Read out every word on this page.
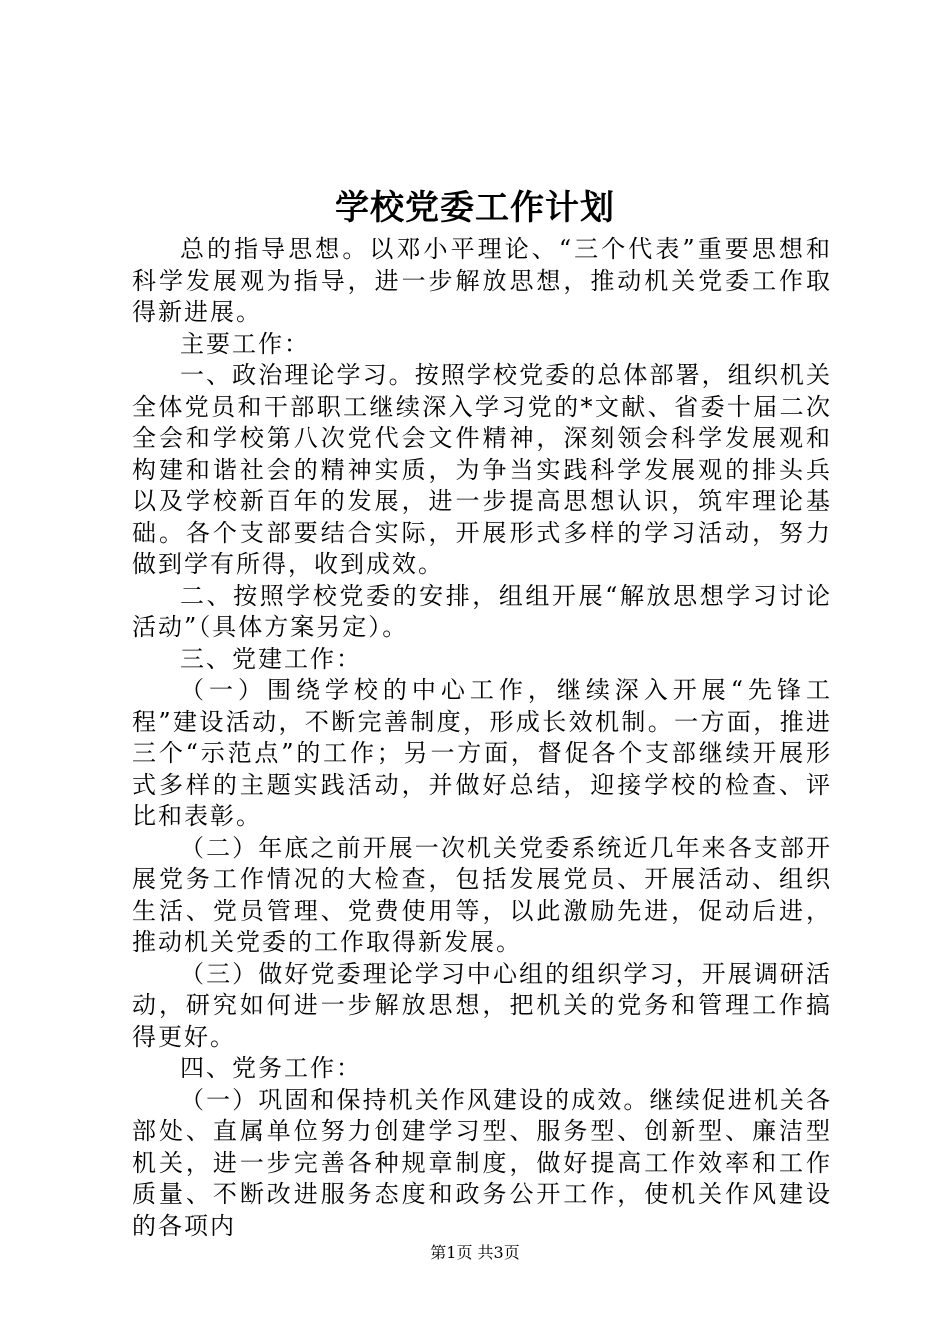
学校党委工作计划

总的指导思想。以邓小平理论、“三个代表”重要思想和科学发展观为指导，进一步解放思想，推动机关党委工作取得新进展。

主要工作：

一、政治理论学习。按照学校党委的总体部署，组织机关全体党员和干部职工继续深入学习党的*文献、省委十届二次全会和学校第八次党代会文件精神，深刻领会科学发展观和构建和谐社会的精神实质，为争当实践科学发展观的排头兵以及学校新百年的发展，进一步提高思想认识，筑牢理论基础。各个支部要结合实际，开展形式多样的学习活动，努力做到学有所得，收到成效。

二、按照学校党委的安排，组组开展“解放思想学习讨论活动”（具体方案另定）。

三、党建工作：

（一）围绕学校的中心工作，继续深入开展“先锋工程”建设活动，不断完善制度，形成长效机制。一方面，推进三个“示范点”的工作；另一方面，督促各个支部继续开展形式多样的主题实践活动，并做好总结，迎接学校的检查、评比和表彰。

（二）年底之前开展一次机关党委系统近几年来各支部开展党务工作情况的大检查，包括发展党员、开展活动、组织生活、党员管理、党费使用等，以此激励先进，促动后进，推动机关党委的工作取得新发展。

（三）做好党委理论学习中心组的组织学习，开展调研活动，研究如何进一步解放思想，把机关的党务和管理工作搞得更好。

四、党务工作：

（一）巩固和保持机关作风建设的成效。继续促进机关各部处、直属单位努力创建学习型、服务型、创新型、廉洁型机关，进一步完善各种规章制度，做好提高工作效率和工作质量、不断改进服务态度和政务公开工作，使机关作风建设的各项内

第1页 共3页
